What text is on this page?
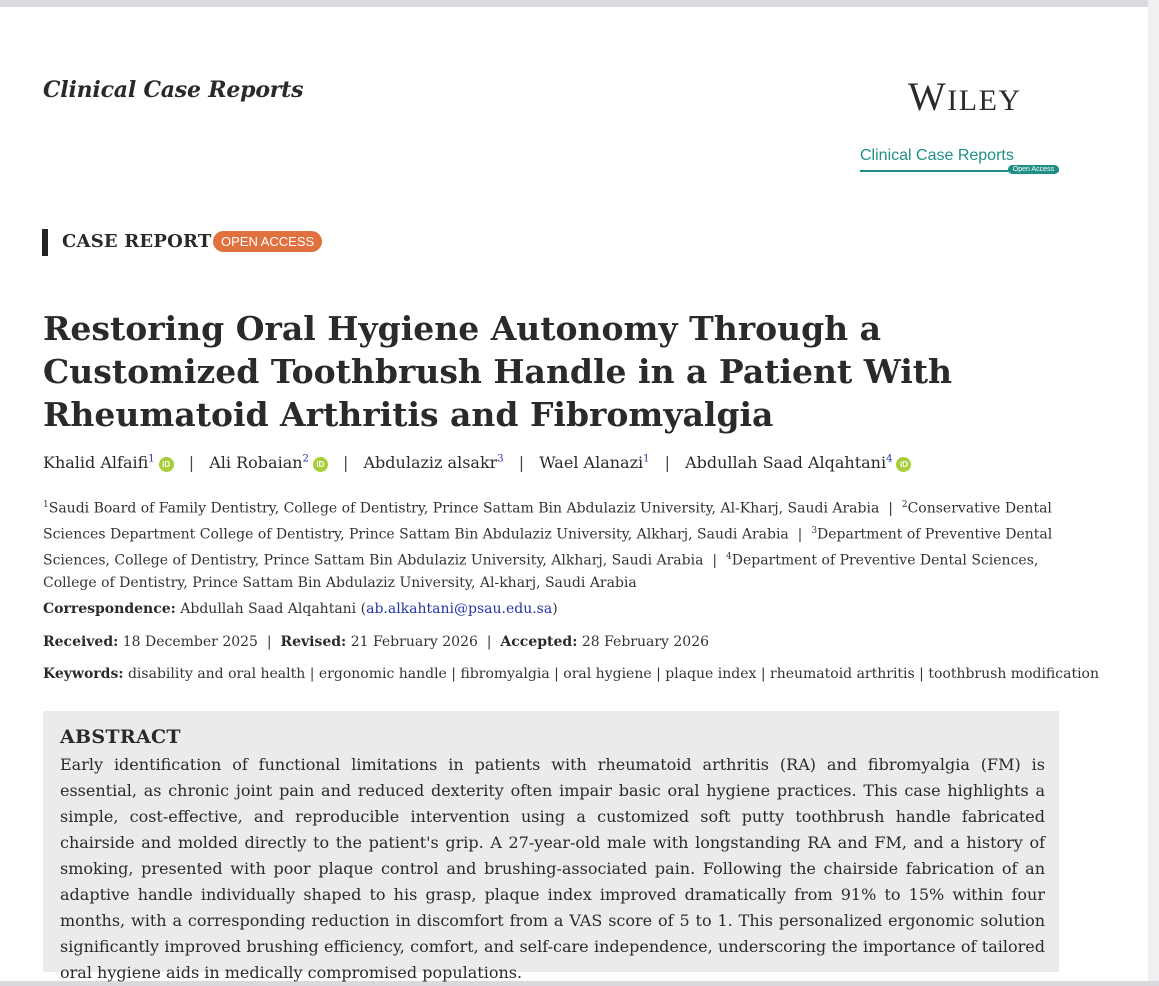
Clinical Case Reports	WILEY
Clinical Case Reports
Open Access
CASE REPORT OPEN ACCESS
Restoring Oral Hygiene Autonomy Through a Customized Toothbrush Handle in a Patient With Rheumatoid Arthritis and Fibromyalgia
Khalid Alfaifi$^1$ iD | Ali Robaian$^2$ iD | Abdulaziz alsakr$^3$ | Wael Alanazi$^1$ | Abdullah Saad Alqahtani$^4$ iD

$^1$Saudi Board of Family Dentistry, College of Dentistry, Prince Sattam Bin Abdulaziz University, Al-Kharj, Saudi Arabia  |  $^2$Conservative Dental Sciences Department College of Dentistry, Prince Sattam Bin Abdulaziz University, Alkharj, Saudi Arabia  |  $^3$Department of Preventive Dental Sciences, College of Dentistry, Prince Sattam Bin Abdulaziz University, Alkharj, Saudi Arabia  |  $^4$Department of Preventive Dental Sciences, College of Dentistry, Prince Sattam Bin Abdulaziz University, Al-kharj, Saudi Arabia

Correspondence: Abdullah Saad Alqahtani (ab.alkahtani@psau.edu.sa)
Received: 18 December 2025  |  Revised: 21 February 2026  |  Accepted: 28 February 2026
Keywords: disability and oral health | ergonomic handle | fibromyalgia | oral hygiene | plaque index | rheumatoid arthritis | toothbrush modification
ABSTRACT

Early identification of functional limitations in patients with rheumatoid arthritis (RA) and fibromyalgia (FM) is essential, as chronic joint pain and reduced dexterity often impair basic oral hygiene practices. This case highlights a simple, cost-effective, and reproducible intervention using a customized soft putty toothbrush handle fabricated chairside and molded directly to the patient's grip. A 27-year-old male with longstanding RA and FM, and a history of smoking, presented with poor plaque control and brushing-associated pain. Following the chairside fabrication of an adaptive handle individually shaped to his grasp, plaque index improved dramatically from 91% to 15% within four months, with a corresponding reduction in discomfort from a VAS score of 5 to 1. This personalized ergonomic solution significantly improved brushing efficiency, comfort, and self-care independence, underscoring the importance of tailored oral hygiene aids in medically compromised populations.
